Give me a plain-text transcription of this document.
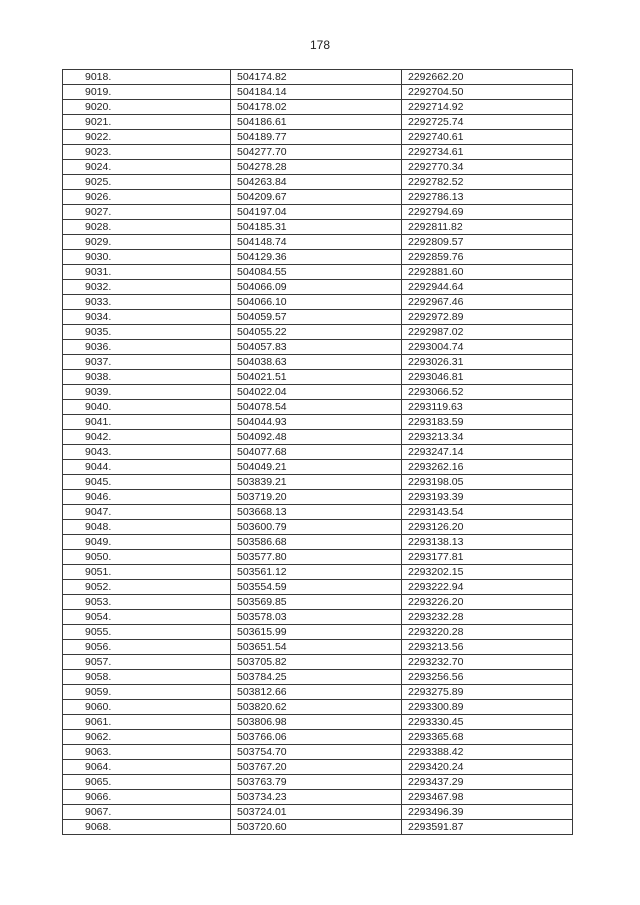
178
9018.	504174.82	2292662.20
9019.	504184.14	2292704.50
9020.	504178.02	2292714.92
9021.	504186.61	2292725.74
9022.	504189.77	2292740.61
9023.	504277.70	2292734.61
9024.	504278.28	2292770.34
9025.	504263.84	2292782.52
9026.	504209.67	2292786.13
9027.	504197.04	2292794.69
9028.	504185.31	2292811.82
9029.	504148.74	2292809.57
9030.	504129.36	2292859.76
9031.	504084.55	2292881.60
9032.	504066.09	2292944.64
9033.	504066.10	2292967.46
9034.	504059.57	2292972.89
9035.	504055.22	2292987.02
9036.	504057.83	2293004.74
9037.	504038.63	2293026.31
9038.	504021.51	2293046.81
9039.	504022.04	2293066.52
9040.	504078.54	2293119.63
9041.	504044.93	2293183.59
9042.	504092.48	2293213.34
9043.	504077.68	2293247.14
9044.	504049.21	2293262.16
9045.	503839.21	2293198.05
9046.	503719.20	2293193.39
9047.	503668.13	2293143.54
9048.	503600.79	2293126.20
9049.	503586.68	2293138.13
9050.	503577.80	2293177.81
9051.	503561.12	2293202.15
9052.	503554.59	2293222.94
9053.	503569.85	2293226.20
9054.	503578.03	2293232.28
9055.	503615.99	2293220.28
9056.	503651.54	2293213.56
9057.	503705.82	2293232.70
9058.	503784.25	2293256.56
9059.	503812.66	2293275.89
9060.	503820.62	2293300.89
9061.	503806.98	2293330.45
9062.	503766.06	2293365.68
9063.	503754.70	2293388.42
9064.	503767.20	2293420.24
9065.	503763.79	2293437.29
9066.	503734.23	2293467.98
9067.	503724.01	2293496.39
9068.	503720.60	2293591.87
